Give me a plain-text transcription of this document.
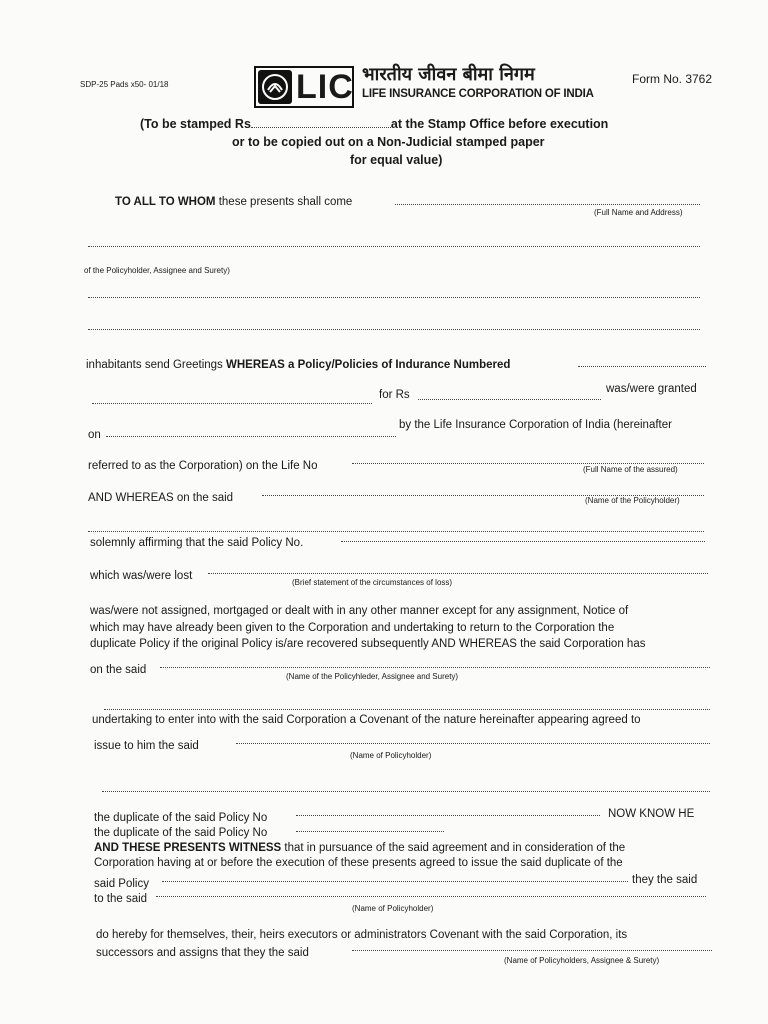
SDP-25 Pads x50- 01/18	LIC भारतीय जीवन बीमा निगम
LIFE INSURANCE CORPORATION OF INDIA
Form No. 3762
(To be stamped Rs	at the Stamp Office before execution
or to be copied out on a Non-Judicial stamped paper
for equal value)
TO ALL TO WHOM these presents shall come
(Full Name and Address)
of the Policyholder, Assignee and Surety)
inhabitants send Greetings WHEREAS a Policy/Policies of Indurance Numbered
for Rs	was/were granted
on
by the Life Insurance Corporation of India (hereinafter
referred to as the Corporation) on the Life No	(Full Name of the assured)
AND WHEREAS on the said	(Name of the Policyholder)
solemnly affirming that the said Policy No.
which was/were lost
(Brief statement of the circumstances of loss)
was/were not assigned, mortgaged or dealt with in any other manner except for any assignment, Notice of
which may have already been given to the Corporation and undertaking to return to the Corporation the
duplicate Policy if the original Policy is/are recovered subsequently AND WHEREAS the said Corporation has
on the said
(Name of the Policyhleder, Assignee and Surety)
undertaking to enter into with the said Corporation a Covenant of the nature hereinafter appearing agreed to
issue to him the said
(Name of Policyholder)
the duplicate of the said Policy No	NOW KNOW HE
the duplicate of the said Policy No
AND THESE PRESENTS WITNESS that in pursuance of the said agreement and in consideration of the
Corporation having at or before the execution of these presents agreed to issue the said duplicate of the
said Policy	they the said
to the said
(Name of Policyholder)
do hereby for themselves, their, heirs executors or administrators Covenant with the said Corporation, its
successors and assigns that they the said
(Name of Policyholders, Assignee & Surety)
